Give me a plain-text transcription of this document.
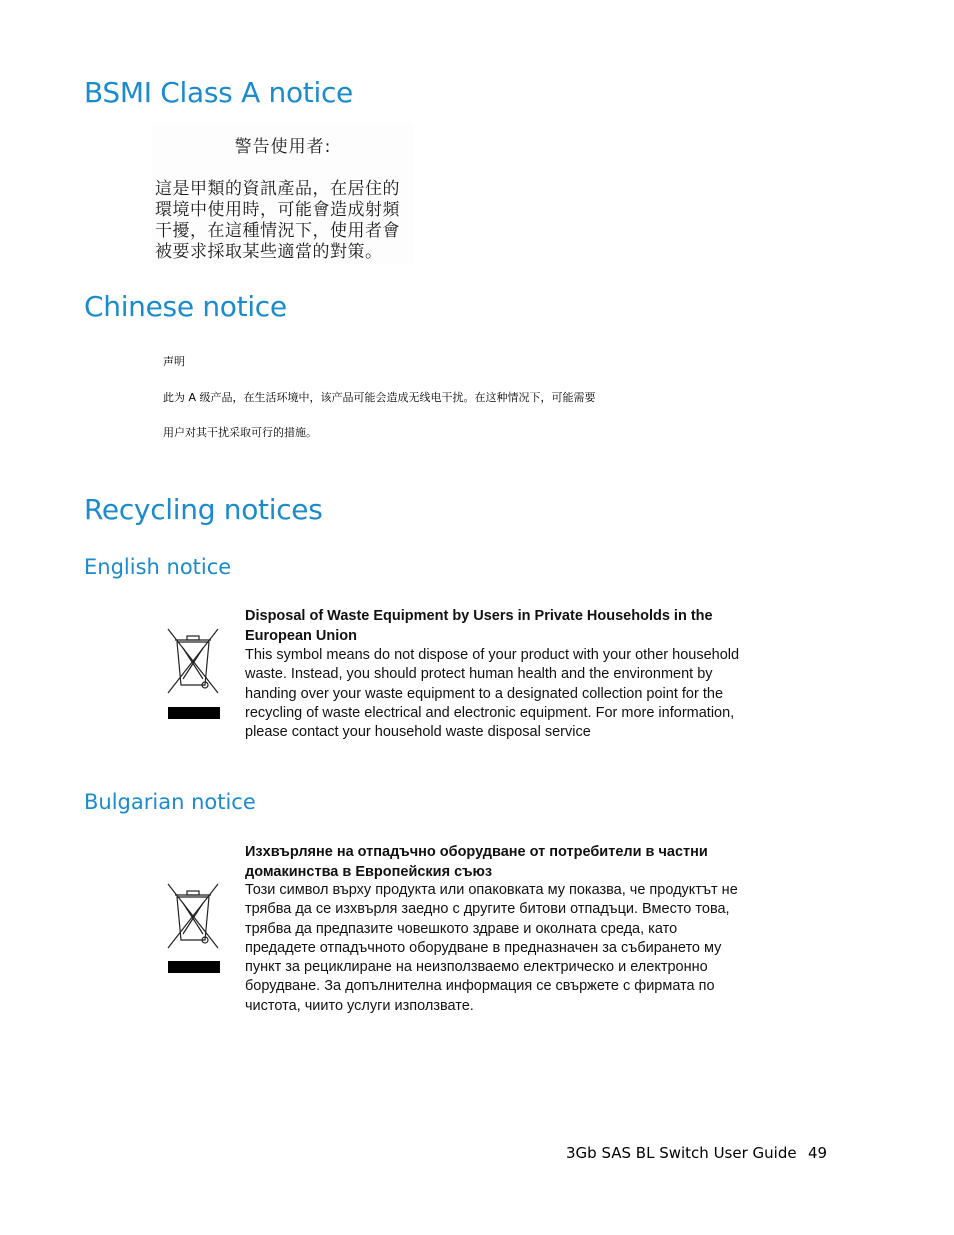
BSMI Class A notice
警告使用者:
這是甲類的資訊產品，在居住的
環境中使用時，可能會造成射頻
干擾，在這種情況下，使用者會
被要求採取某些適當的對策。
Chinese notice
声明
此为 A 级产品，在生活环境中，该产品可能会造成无线电干扰。在这种情况下，可能需要
用户对其干扰采取可行的措施。
Recycling notices
English notice
Disposal of Waste Equipment by Users in Private Households in the
European Union
This symbol means do not dispose of your product with your other household
waste. Instead, you should protect human health and the environment by
handing over your waste equipment to a designated collection point for the
recycling of waste electrical and electronic equipment. For more information,
please contact your household waste disposal service
Bulgarian notice
Изхвърляне на отпадъчно оборудване от потребители в частни
домакинства в Европейския съюз
Този символ върху продукта или опаковката му показва, че продуктът не
трябва да се изхвърля заедно с другите битови отпадъци. Вместо това,
трябва да предпазите човешкото здраве и околната среда, като
предадете отпадъчното оборудване в предназначен за събирането му
пункт за рециклиране на неизползваемо електрическо и електронно
борудване. За допълнителна информация се свържете с фирмата по
чистота, чиито услуги използвате.
3Gb SAS BL Switch User Guide 49
